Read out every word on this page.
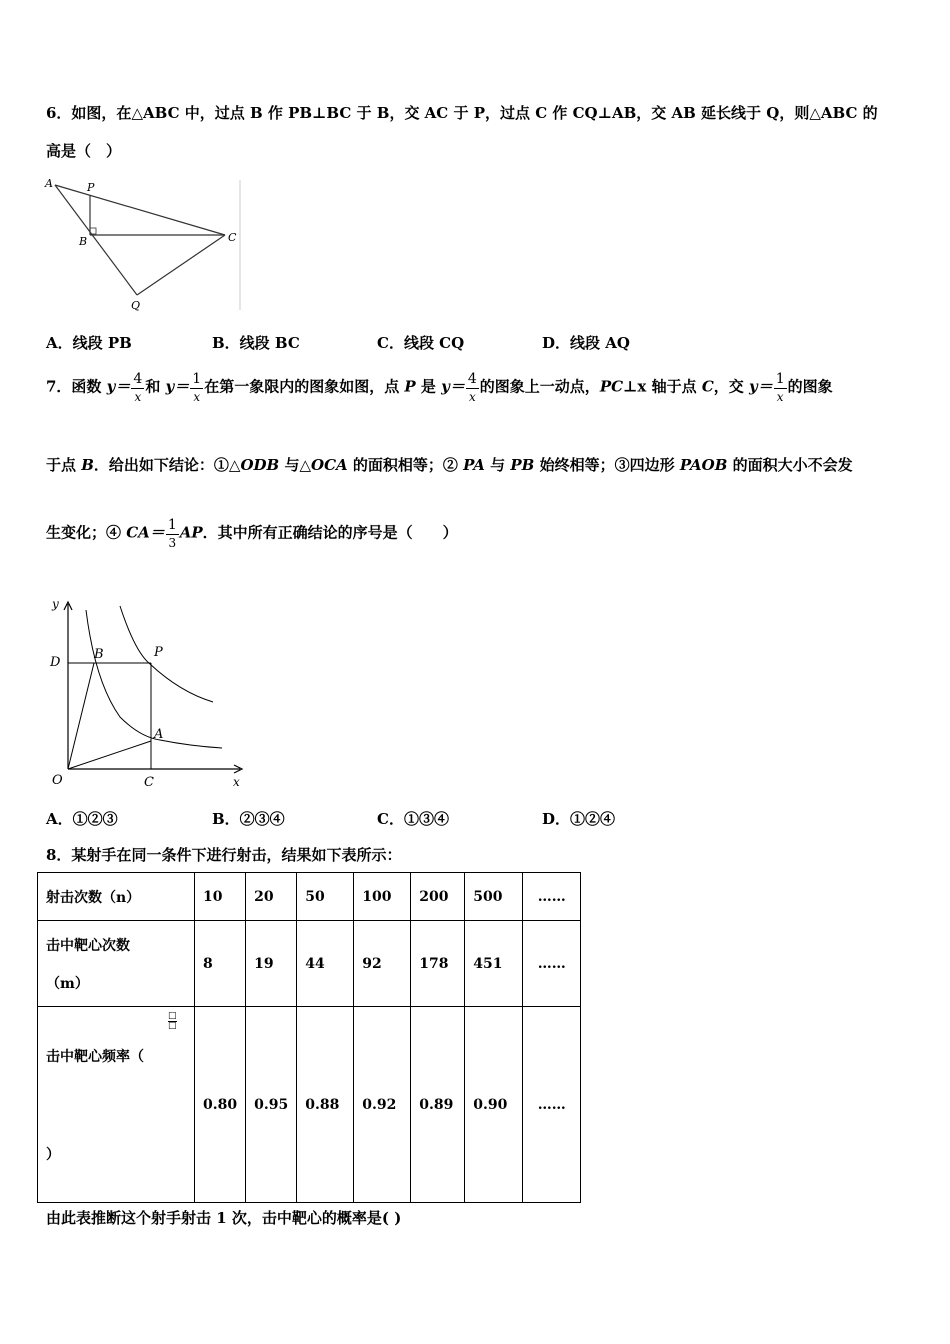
6．如图，在△ABC 中，过点 B 作 PB⊥BC 于 B，交 AC 于 P，过点 C 作 CQ⊥AB，交 AB 延长线于 Q，则△ABC 的
高是（　）
A	P
B	C
Q
A．线段 PB	B．线段 BC	C．线段 CQ	D．线段 AQ
7．函数 $y= \frac{4}{x}$ 和 $y= \frac{1}{x}$ 在第一象限内的图象如图，点 P 是 $y= \frac{4}{x}$ 的图象上一动点，PC⊥x 轴于点 C，交 $y= \frac{1}{x}$ 的图象
于点 B．给出如下结论：①△ODB 与△OCA 的面积相等；② PA 与 PB 始终相等；③四边形 PAOB 的面积大小不会发
生变化；④ $CA= \frac{1}{3}$ AP．其中所有正确结论的序号是（　　）
y
D
B	P
A
O	C	x
A．①②③	B．②③④	C．①③④	D．①②④
8．某射手在同一条件下进行射击，结果如下表所示：
射击次数（n）	10	20	50	100	200	500	……

击中靶心次数
（m）	8	19	44	92	178	451	……

击中靶心频率（
□
□
）	0.80	0.95	0.88	0.92	0.89	0.90	……
由此表推断这个射手射击 1 次，击中靶心的概率是( )
